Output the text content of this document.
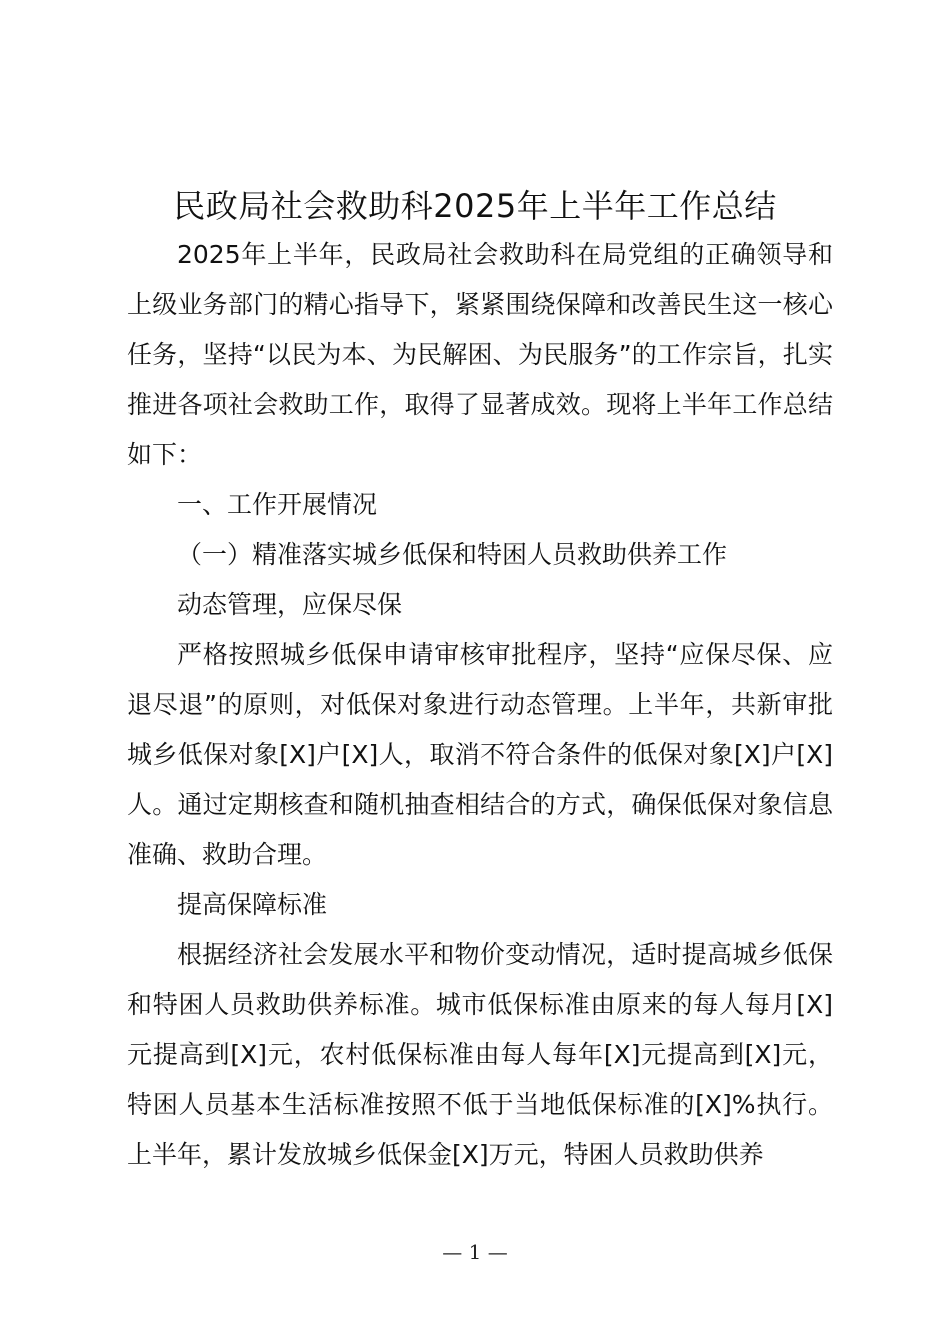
民政局社会救助科2025年上半年工作总结

2025年上半年，民政局社会救助科在局党组的正确领导和上级业务部门的精心指导下，紧紧围绕保障和改善民生这一核心任务，坚持“以民为本、为民解困、为民服务”的工作宗旨，扎实推进各项社会救助工作，取得了显著成效。现将上半年工作总结如下：

一、工作开展情况

（一）精准落实城乡低保和特困人员救助供养工作

动态管理，应保尽保

严格按照城乡低保申请审核审批程序，坚持“应保尽保、应退尽退”的原则，对低保对象进行动态管理。上半年，共新审批城乡低保对象[X]户[X]人，取消不符合条件的低保对象[X]户[X]人。通过定期核查和随机抽查相结合的方式，确保低保对象信息准确、救助合理。

提高保障标准

根据经济社会发展水平和物价变动情况，适时提高城乡低保和特困人员救助供养标准。城市低保标准由原来的每人每月[X]元提高到[X]元，农村低保标准由每人每年[X]元提高到[X]元，特困人员基本生活标准按照不低于当地低保标准的[X]%执行。上半年，累计发放城乡低保金[X]万元，特困人员救助供养

— 1 —
